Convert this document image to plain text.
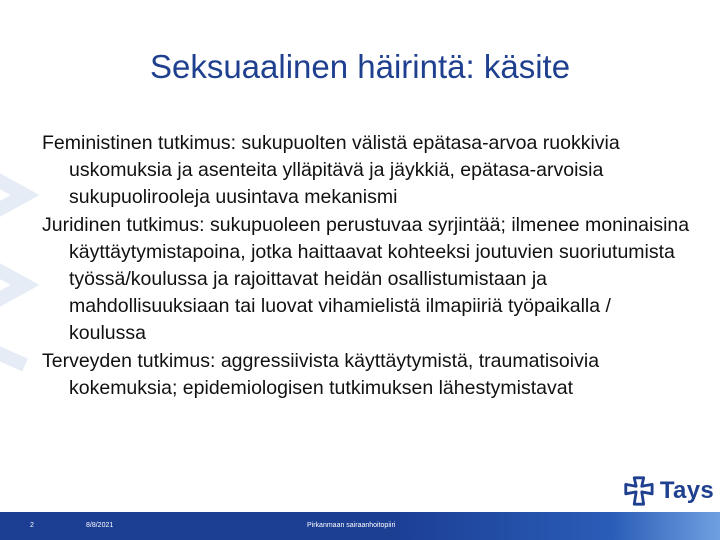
Seksuaalinen häirintä: käsite

Feministinen tutkimus: sukupuolten välistä epätasa-arvoa ruokkivia uskomuksia ja asenteita ylläpitävä ja jäykkiä, epätasa-arvoisia sukupuolirooleja uusintava mekanismi

Juridinen tutkimus: sukupuoleen perustuvaa syrjintää; ilmenee moninaisina käyttäytymistapoina, jotka haittaavat kohteeksi joutuvien suoriutumista työssä/koulussa ja rajoittavat heidän osallistumistaan ja mahdollisuuksiaan tai luovat vihamielistä ilmapiiriä työpaikalla / koulussa

Terveyden tutkimus: aggressiivista käyttäytymistä, traumatisoivia kokemuksia; epidemiologisen tutkimuksen lähestymistavat

Tays
2	8/8/2021	Pirkanmaan sairaanhoitopiiri
